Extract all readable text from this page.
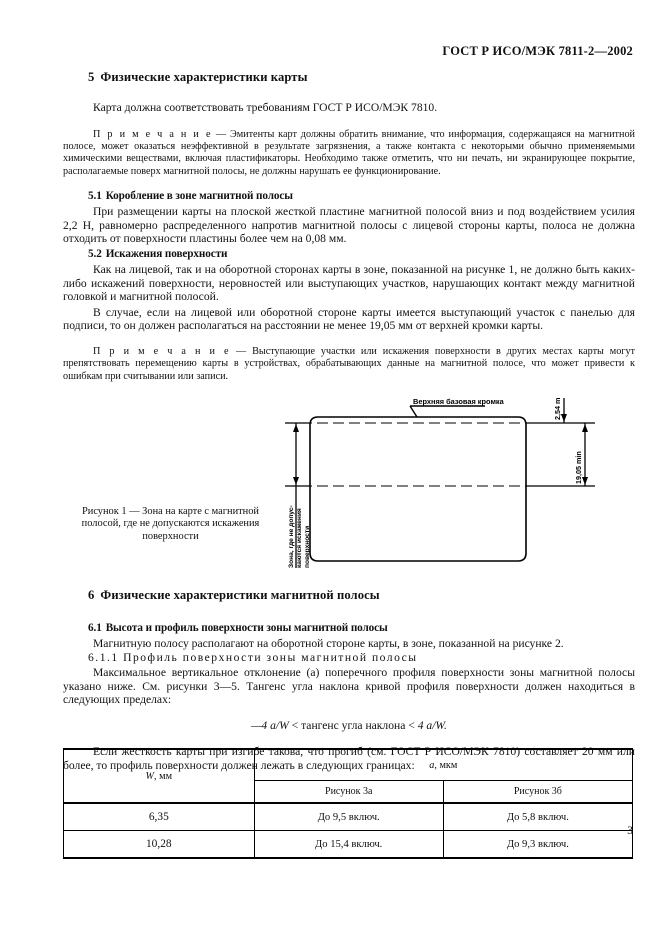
ГОСТ Р ИСО/МЭК 7811-2—2002
5 Физические характеристики карты

Карта должна соответствовать требованиям ГОСТ Р ИСО/МЭК 7810.

П р и м е ч а н и е — Эмитенты карт должны обратить внимание, что информация, содержащаяся на магнитной полосе, может оказаться неэффективной в результате загрязнения, а также контакта с некоторыми обычно применяемыми химическими веществами, включая пластификаторы. Необходимо также отметить, что ни печать, ни экранирующее покрытие, располагаемые поверх магнитной полосы, не должны нарушать ее функционирование.

5.1 Коробление в зоне магнитной полосы

При размещении карты на плоской жесткой пластине магнитной полосой вниз и под воздействием усилия 2,2 Н, равномерно распределенного напротив магнитной полосы с лицевой стороны карты, полоса не должна отходить от поверхности пластины более чем на 0,08 мм.

5.2 Искажения поверхности

Как на лицевой, так и на оборотной сторонах карты в зоне, показанной на рисунке 1, не должно быть каких-либо искажений поверхности, неровностей или выступающих участков, нарушающих контакт между магнитной головкой и магнитной полосой.

В случае, если на лицевой или оборотной стороне карты имеется выступающий участок с панелью для подписи, то он должен располагаться на расстоянии не менее 19,05 мм от верхней кромки карты.

П р и м е ч а н и е — Выступающие участки или искажения поверхности в других местах карты могут препятствовать перемещению карты в устройствах, обрабатывающих данные на магнитной полосе, что может привести к ошибкам при считывании или записи.

Рисунок 1 — Зона на карте с магнитной полосой, где не допускаются искажения поверхности
Верхняя базовая кромка	2,54 max
19,05 min
Зона, где не допус- каются искажения поверхности
6 Физические характеристики магнитной полосы
6.1 Высота и профиль поверхности зоны магнитной полосы

Магнитную полосу располагают на оборотной стороне карты, в зоне, показанной на рисунке 2.

6.1.1 Профиль поверхности зоны магнитной полосы

Максимальное вертикальное отклонение (a) поперечного профиля поверхности зоны магнитной полосы указано ниже. См. рисунки 3—5. Тангенс угла наклона кривой профиля поверхности должен находиться в следующих пределах:

—4 a/W < тангенс угла наклона < 4 a/W.

Если жесткость карты при изгибе такова, что прогиб (см. ГОСТ Р ИСО/МЭК 7810) составляет 20 мм или более, то профиль поверхности должен лежать в следующих границах:

W, мм	a, мкм	
	Рисунок 3а	Рисунок 3б
6,35	До 9,5 включ.	До 5,8 включ.
10,28	До 15,4 включ.	До 9,3 включ.
3
